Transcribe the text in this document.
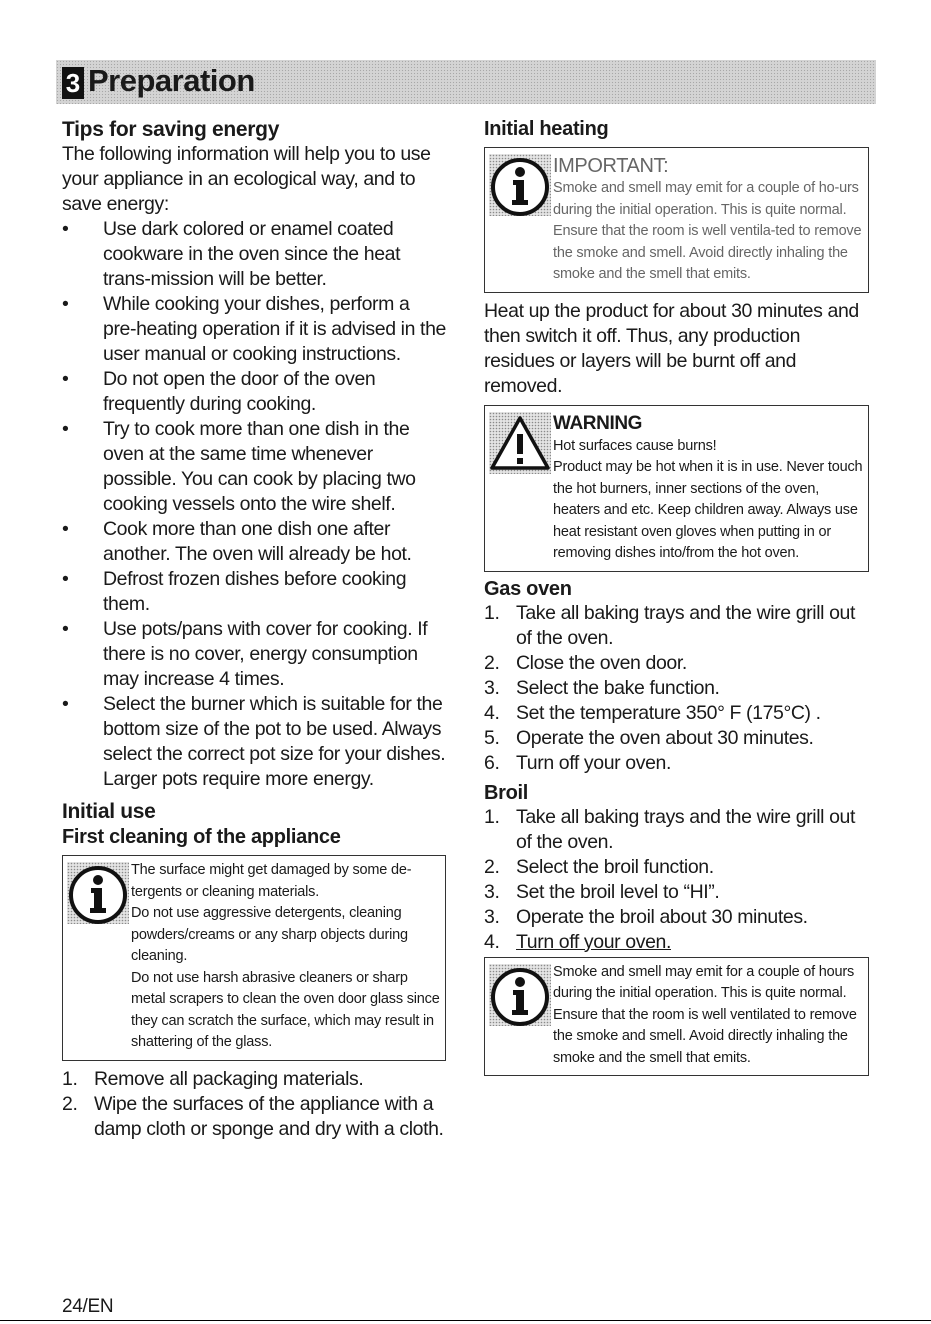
3 Preparation
Tips for saving energy

The following information will help you to use your appliance in an ecological way, and to save energy:

• Use dark colored or enamel coated cookware in the oven since the heat trans-mission will be better.
• While cooking your dishes, perform a pre-heating operation if it is advised in the user manual or cooking instructions.
• Do not open the door of the oven frequently during cooking.
• Try to cook more than one dish in the oven at the same time whenever possible. You can cook by placing two cooking vessels onto the wire shelf.
• Cook more than one dish one after another. The oven will already be hot.
• Defrost frozen dishes before cooking them.
• Use pots/pans with cover for cooking. If there is no cover, energy consumption may increase 4 times.
• Select the burner which is suitable for the bottom size of the pot to be used. Always select the correct pot size for your dishes. Larger pots require more energy.
Initial use
First cleaning of the appliance

The surface might get damaged by some de-tergents or cleaning materials.

Do not use aggressive detergents, cleaning powders/creams or any sharp objects during cleaning.

Do not use harsh abrasive cleaners or sharp metal scrapers to clean the oven door glass since they can scratch the surface, which may result in shattering of the glass.

1. Remove all packaging materials.
2. Wipe the surfaces of the appliance with a damp cloth or sponge and dry with a cloth.
Initial heating

IMPORTANT:

Smoke and smell may emit for a couple of ho-urs during the initial operation. This is quite normal. Ensure that the room is well ventila-ted to remove the smoke and smell. Avoid directly inhaling the smoke and the smell that emits.

Heat up the product for about 30 minutes and then switch it off. Thus, any production residues or layers will be burnt off and removed.

WARNING

Hot surfaces cause burns!

Product may be hot when it is in use. Never touch the hot burners, inner sections of the oven, heaters and etc. Keep children away. Always use heat resistant oven gloves when putting in or removing dishes into/from the hot oven.

Gas oven
1. Take all baking trays and the wire grill out of the oven.
2. Close the oven door.
3. Select the bake function.
4. Set the temperature 350° F (175°C) .
5. Operate the oven about 30 minutes.
6. Turn off your oven.
Broil
1. Take all baking trays and the wire grill out of the oven.
2. Select the broil function.
3. Set the broil level to “HI”.
3. Operate the broil about 30 minutes.
4. Turn off your oven.

Smoke and smell may emit for a couple of hours during the initial operation. This is quite normal. Ensure that the room is well ventilated to remove the smoke and smell. Avoid directly inhaling the smoke and the smell that emits.

24/EN
